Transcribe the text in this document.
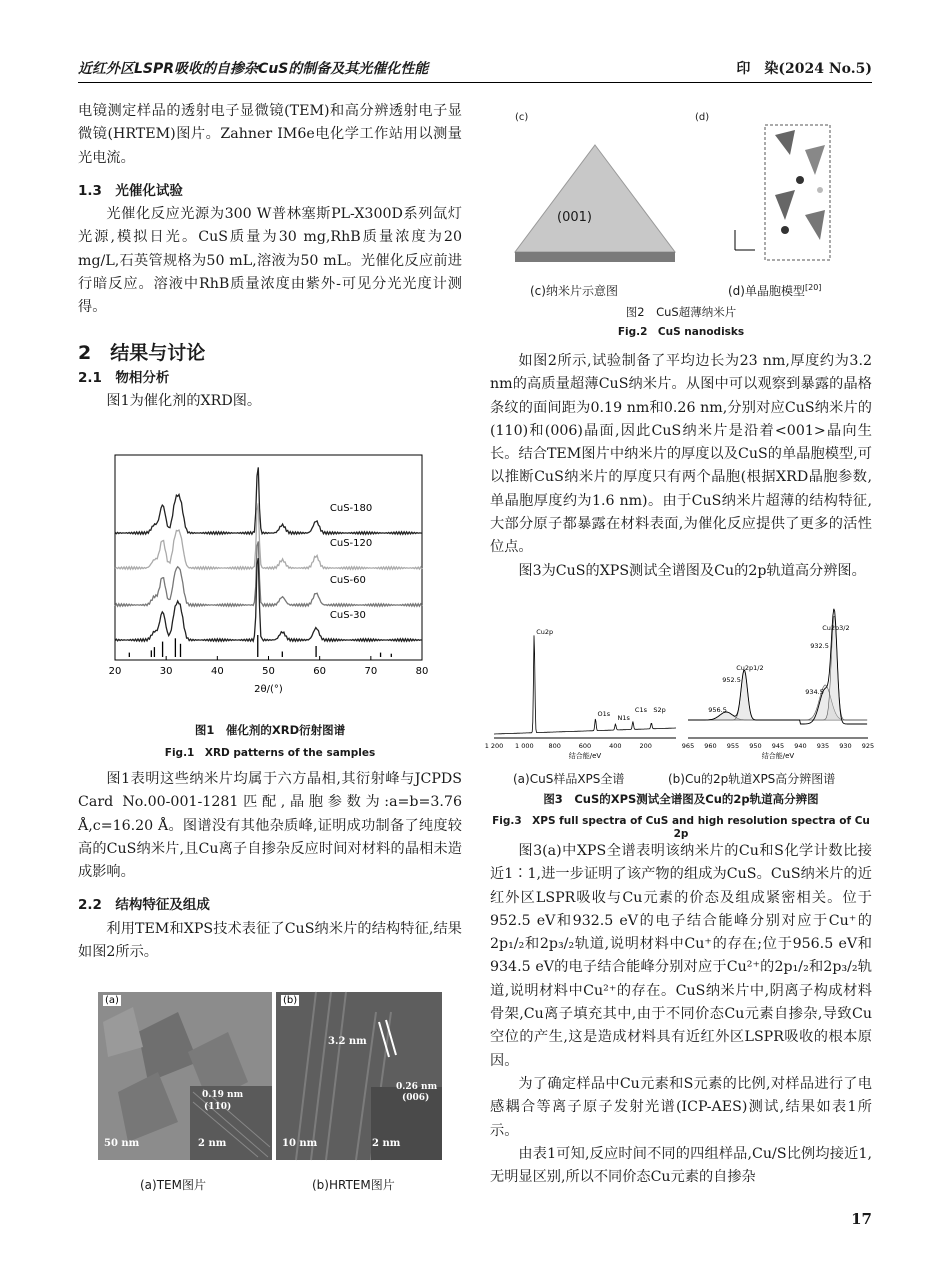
近红外区LSPR吸收的自掺杂CuS的制备及其光催化性能	印　染(2024 No.5)
电镜测定样品的透射电子显微镜(TEM)和高分辨透射电子显微镜(HRTEM)图片。Zahner IM6e电化学工作站用以测量光电流。
1.3　光催化试验
光催化反应光源为300 W普林塞斯PL-X300D系列氙灯光源,模拟日光。CuS质量为30 mg,RhB质量浓度为20 mg/L,石英管规格为50 mL,溶液为50 mL。光催化反应前进行暗反应。溶液中RhB质量浓度由紫外-可见分光光度计测得。
2　结果与讨论
2.1　物相分析
图1为催化剂的XRD图。
20	30	40	50	60	70	80
2θ/(°)
CuS-180
CuS-120
CuS-60
CuS-30
图1　催化剂的XRD衍射图谱
Fig.1　XRD patterns of the samples
图1表明这些纳米片均属于六方晶相,其衍射峰与JCPDS Card No.00-001-1281匹配,晶胞参数为:a=b=3.76 Å,c=16.20 Å。图谱没有其他杂质峰,证明成功制备了纯度较高的CuS纳米片,且Cu离子自掺杂反应时间对材料的晶相未造成影响。
2.2　结构特征及组成
利用TEM和XPS技术表征了CuS纳米片的结构特征,结果如图2所示。
(a)
0.19 nm
(110)
50 nm	2 nm
(b)
3.2 nm
0.26 nm
(006)
10 nm	2 nm
(a)TEM图片	(b)HRTEM图片
(c)	(d)
(001)
(c)纳米片示意图	(d)单晶胞模型[20]
图2　CuS超薄纳米片
Fig.2　CuS nanodisks
如图2所示,试验制备了平均边长为23 nm,厚度约为3.2 nm的高质量超薄CuS纳米片。从图中可以观察到暴露的晶格条纹的面间距为0.19 nm和0.26 nm,分别对应CuS纳米片的(110)和(006)晶面,因此CuS纳米片是沿着<001>晶向生长。结合TEM图片中纳米片的厚度以及CuS的单晶胞模型,可以推断CuS纳米片的厚度只有两个晶胞(根据XRD晶胞参数,单晶胞厚度约为1.6 nm)。由于CuS纳米片超薄的结构特征,大部分原子都暴露在材料表面,为催化反应提供了更多的活性位点。
图3为CuS的XPS测试全谱图及Cu的2p轨道高分辨图。
1 200 1 000 800	600	400	200
结合能/eV
Cu2p
O1s N1s
C1s S2p
965 960 955 950 945 940 935 930 925
结合能/eV
Cu2p1/2
Cu2p3/2
956.5
952.5
934.5
932.5
(a)CuS样品XPS全谱	(b)Cu的2p轨道XPS高分辨图谱
图3　CuS的XPS测试全谱图及Cu的2p轨道高分辨图
Fig.3　XPS full spectra of CuS and high resolution spectra of Cu 2p
图3(a)中XPS全谱表明该纳米片的Cu和S化学计数比接近1∶1,进一步证明了该产物的组成为CuS。CuS纳米片的近红外区LSPR吸收与Cu元素的价态及组成紧密相关。位于952.5 eV和932.5 eV的电子结合能峰分别对应于Cu⁺的2p₁/₂和2p₃/₂轨道,说明材料中Cu⁺的存在;位于956.5 eV和934.5 eV的电子结合能峰分别对应于Cu²⁺的2p₁/₂和2p₃/₂轨道,说明材料中Cu²⁺的存在。CuS纳米片中,阴离子构成材料骨架,Cu离子填充其中,由于不同价态Cu元素自掺杂,导致Cu空位的产生,这是造成材料具有近红外区LSPR吸收的根本原因。
为了确定样品中Cu元素和S元素的比例,对样品进行了电感耦合等离子原子发射光谱(ICP-AES)测试,结果如表1所示。
由表1可知,反应时间不同的四组样品,Cu/S比例均接近1,无明显区别,所以不同价态Cu元素的自掺杂
17
